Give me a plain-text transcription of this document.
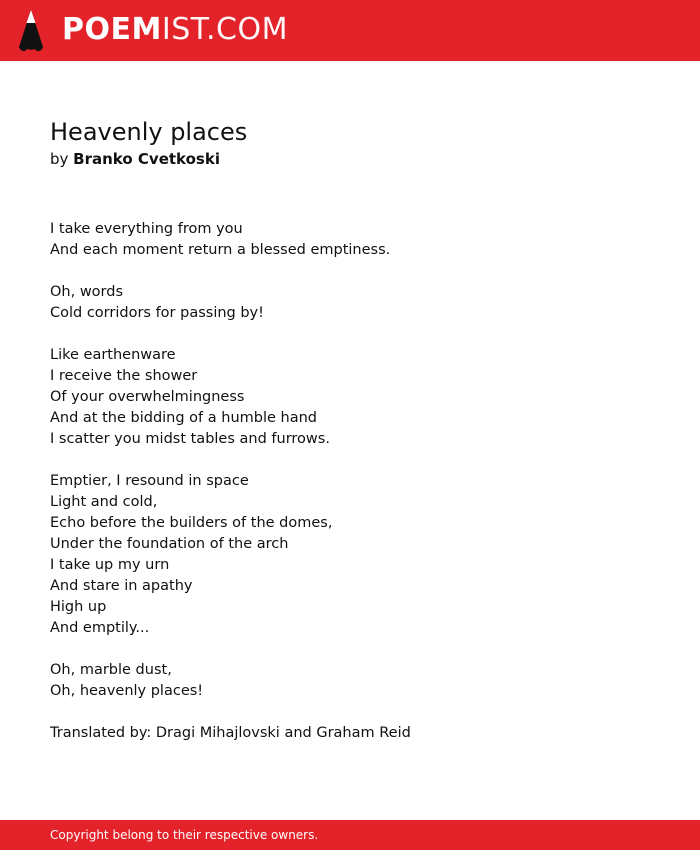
POEM IST.COM
Heavenly places
by Branko Cvetkoski
I take everything from you
And each moment return a blessed emptiness.
Oh, words
Cold corridors for passing by!
Like earthenware
I receive the shower
Of your overwhelmingness
And at the bidding of a humble hand
I scatter you midst tables and furrows.
Emptier, I resound in space
Light and cold,
Echo before the builders of the domes,
Under the foundation of the arch
I take up my urn
And stare in apathy
High up
And emptily...
Oh, marble dust,
Oh, heavenly places!
Translated by: Dragi Mihajlovski and Graham Reid
Copyright belong to their respective owners.
